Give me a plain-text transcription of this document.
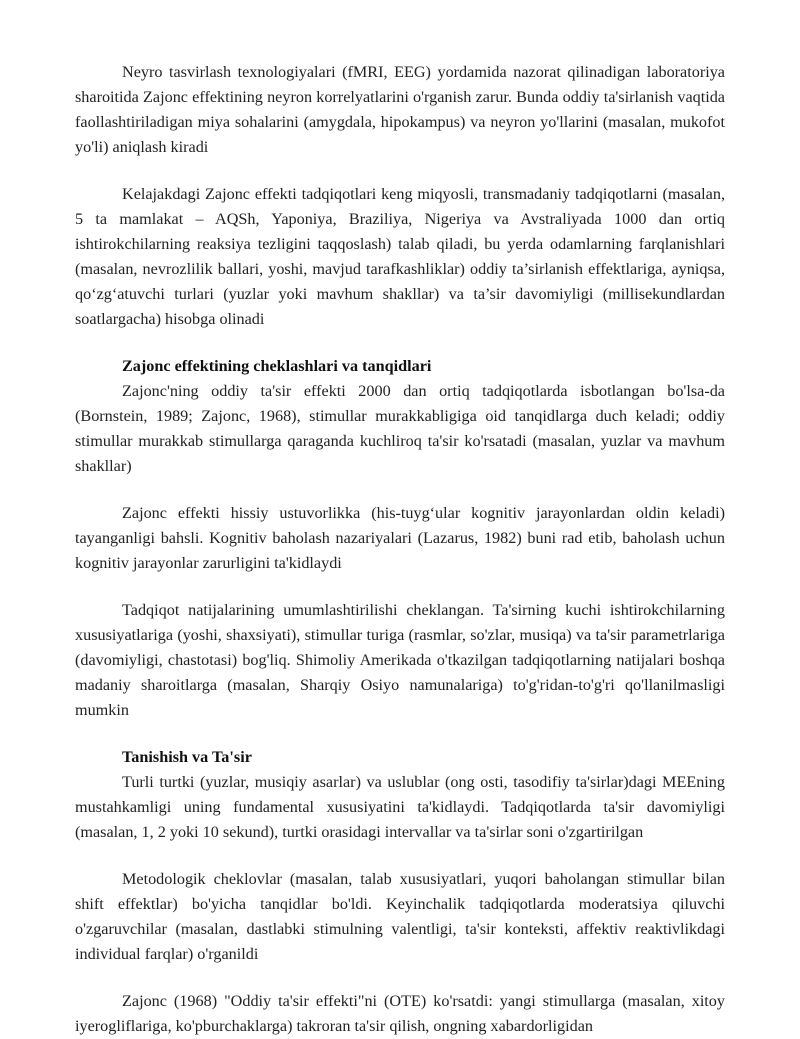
Neyro tasvirlash texnologiyalari (fMRI, EEG) yordamida nazorat qilinadigan laboratoriya sharoitida Zajonc effektining neyron korrelyatlarini o'rganish zarur. Bunda oddiy ta'sirlanish vaqtida faollashtiriladigan miya sohalarini (amygdala, hipokampus) va neyron yo'llarini (masalan, mukofot yo'li) aniqlash kiradi

Kelajakdagi Zajonc effekti tadqiqotlari keng miqyosli, transmadaniy tadqiqotlarni (masalan, 5 ta mamlakat – AQSh, Yaponiya, Braziliya, Nigeriya va Avstraliyada 1000 dan ortiq ishtirokchilarning reaksiya tezligini taqqoslash) talab qiladi, bu yerda odamlarning farqlanishlari (masalan, nevrozlilik ballari, yoshi, mavjud tarafkashliklar) oddiy ta’sirlanish effektlariga, ayniqsa, qo‘zg‘atuvchi turlari (yuzlar yoki mavhum shakllar) va ta’sir davomiyligi (millisekundlardan soatlargacha) hisobga olinadi

Zajonc effektining cheklashlari va tanqidlari

Zajonc'ning oddiy ta'sir effekti 2000 dan ortiq tadqiqotlarda isbotlangan bo'lsa-da (Bornstein, 1989; Zajonc, 1968), stimullar murakkabligiga oid tanqidlarga duch keladi; oddiy stimullar murakkab stimullarga qaraganda kuchliroq ta'sir ko'rsatadi (masalan, yuzlar va mavhum shakllar)

Zajonc effekti hissiy ustuvorlikka (his-tuyg‘ular kognitiv jarayonlardan oldin keladi) tayanganligi bahsli. Kognitiv baholash nazariyalari (Lazarus, 1982) buni rad etib, baholash uchun kognitiv jarayonlar zarurligini ta'kidlaydi

Tadqiqot natijalarining umumlashtirilishi cheklangan. Ta'sirning kuchi ishtirokchilarning xususiyatlariga (yoshi, shaxsiyati), stimullar turiga (rasmlar, so'zlar, musiqa) va ta'sir parametrlariga (davomiyligi, chastotasi) bog'liq. Shimoliy Amerikada o'tkazilgan tadqiqotlarning natijalari boshqa madaniy sharoitlarga (masalan, Sharqiy Osiyo namunalariga) to'g'ridan-to'g'ri qo'llanilmasligi mumkin

Tanishish va Ta'sir

Turli turtki (yuzlar, musiqiy asarlar) va uslublar (ong osti, tasodifiy ta'sirlar)dagi MEEning mustahkamligi uning fundamental xususiyatini ta'kidlaydi. Tadqiqotlarda ta'sir davomiyligi (masalan, 1, 2 yoki 10 sekund), turtki orasidagi intervallar va ta'sirlar soni o'zgartirilgan

Metodologik cheklovlar (masalan, talab xususiyatlari, yuqori baholangan stimullar bilan shift effektlar) bo'yicha tanqidlar bo'ldi. Keyinchalik tadqiqotlarda moderatsiya qiluvchi o'zgaruvchilar (masalan, dastlabki stimulning valentligi, ta'sir konteksti, affektiv reaktivlikdagi individual farqlar) o'rganildi

Zajonc (1968) "Oddiy ta'sir effekti"ni (OTE) ko'rsatdi: yangi stimullarga (masalan, xitoy iyerogliflariga, ko'pburchaklarga) takroran ta'sir qilish, ongning xabardorligidan
